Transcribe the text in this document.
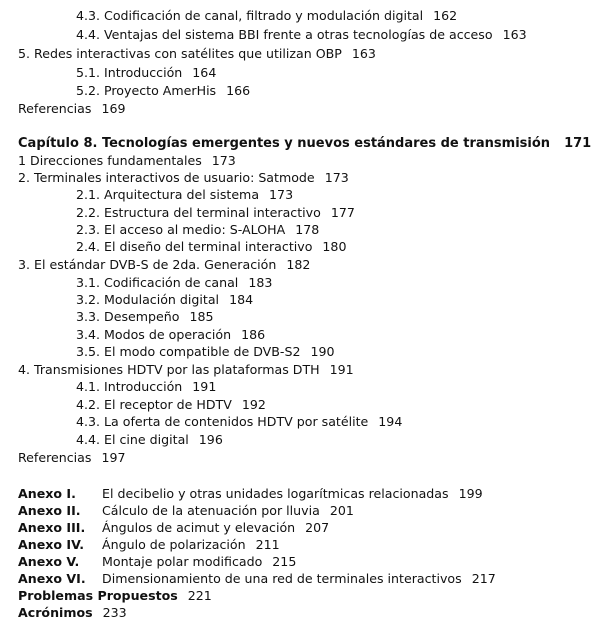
4.3. Codificación de canal, filtrado y modulación digital 162
4.4. Ventajas del sistema BBI frente a otras tecnologías de acceso 163
5. Redes interactivas con satélites que utilizan OBP 163
5.1. Introducción 164
5.2. Proyecto AmerHis 166
Referencias 169
Capítulo 8. Tecnologías emergentes y nuevos estándares de transmisión 171
1 Direcciones fundamentales 173
2. Terminales interactivos de usuario: Satmode 173
2.1. Arquitectura del sistema 173
2.2. Estructura del terminal interactivo 177
2.3. El acceso al medio: S-ALOHA 178
2.4. El diseño del terminal interactivo 180
3. El estándar DVB-S de 2da. Generación 182
3.1. Codificación de canal 183
3.2. Modulación digital 184
3.3. Desempeño 185
3.4. Modos de operación 186
3.5. El modo compatible de DVB-S2 190
4. Transmisiones HDTV por las plataformas DTH 191
4.1. Introducción 191
4.2. El receptor de HDTV 192
4.3. La oferta de contenidos HDTV por satélite 194
4.4. El cine digital 196
Referencias 197
Anexo I. El decibelio y otras unidades logarítmicas relacionadas 199
Anexo II. Cálculo de la atenuación por lluvia 201
Anexo III. Ángulos de acimut y elevación 207
Anexo IV. Ángulo de polarización 211
Anexo V. Montaje polar modificado 215
Anexo VI. Dimensionamiento de una red de terminales interactivos 217
Problemas Propuestos 221
Acrónimos 233
